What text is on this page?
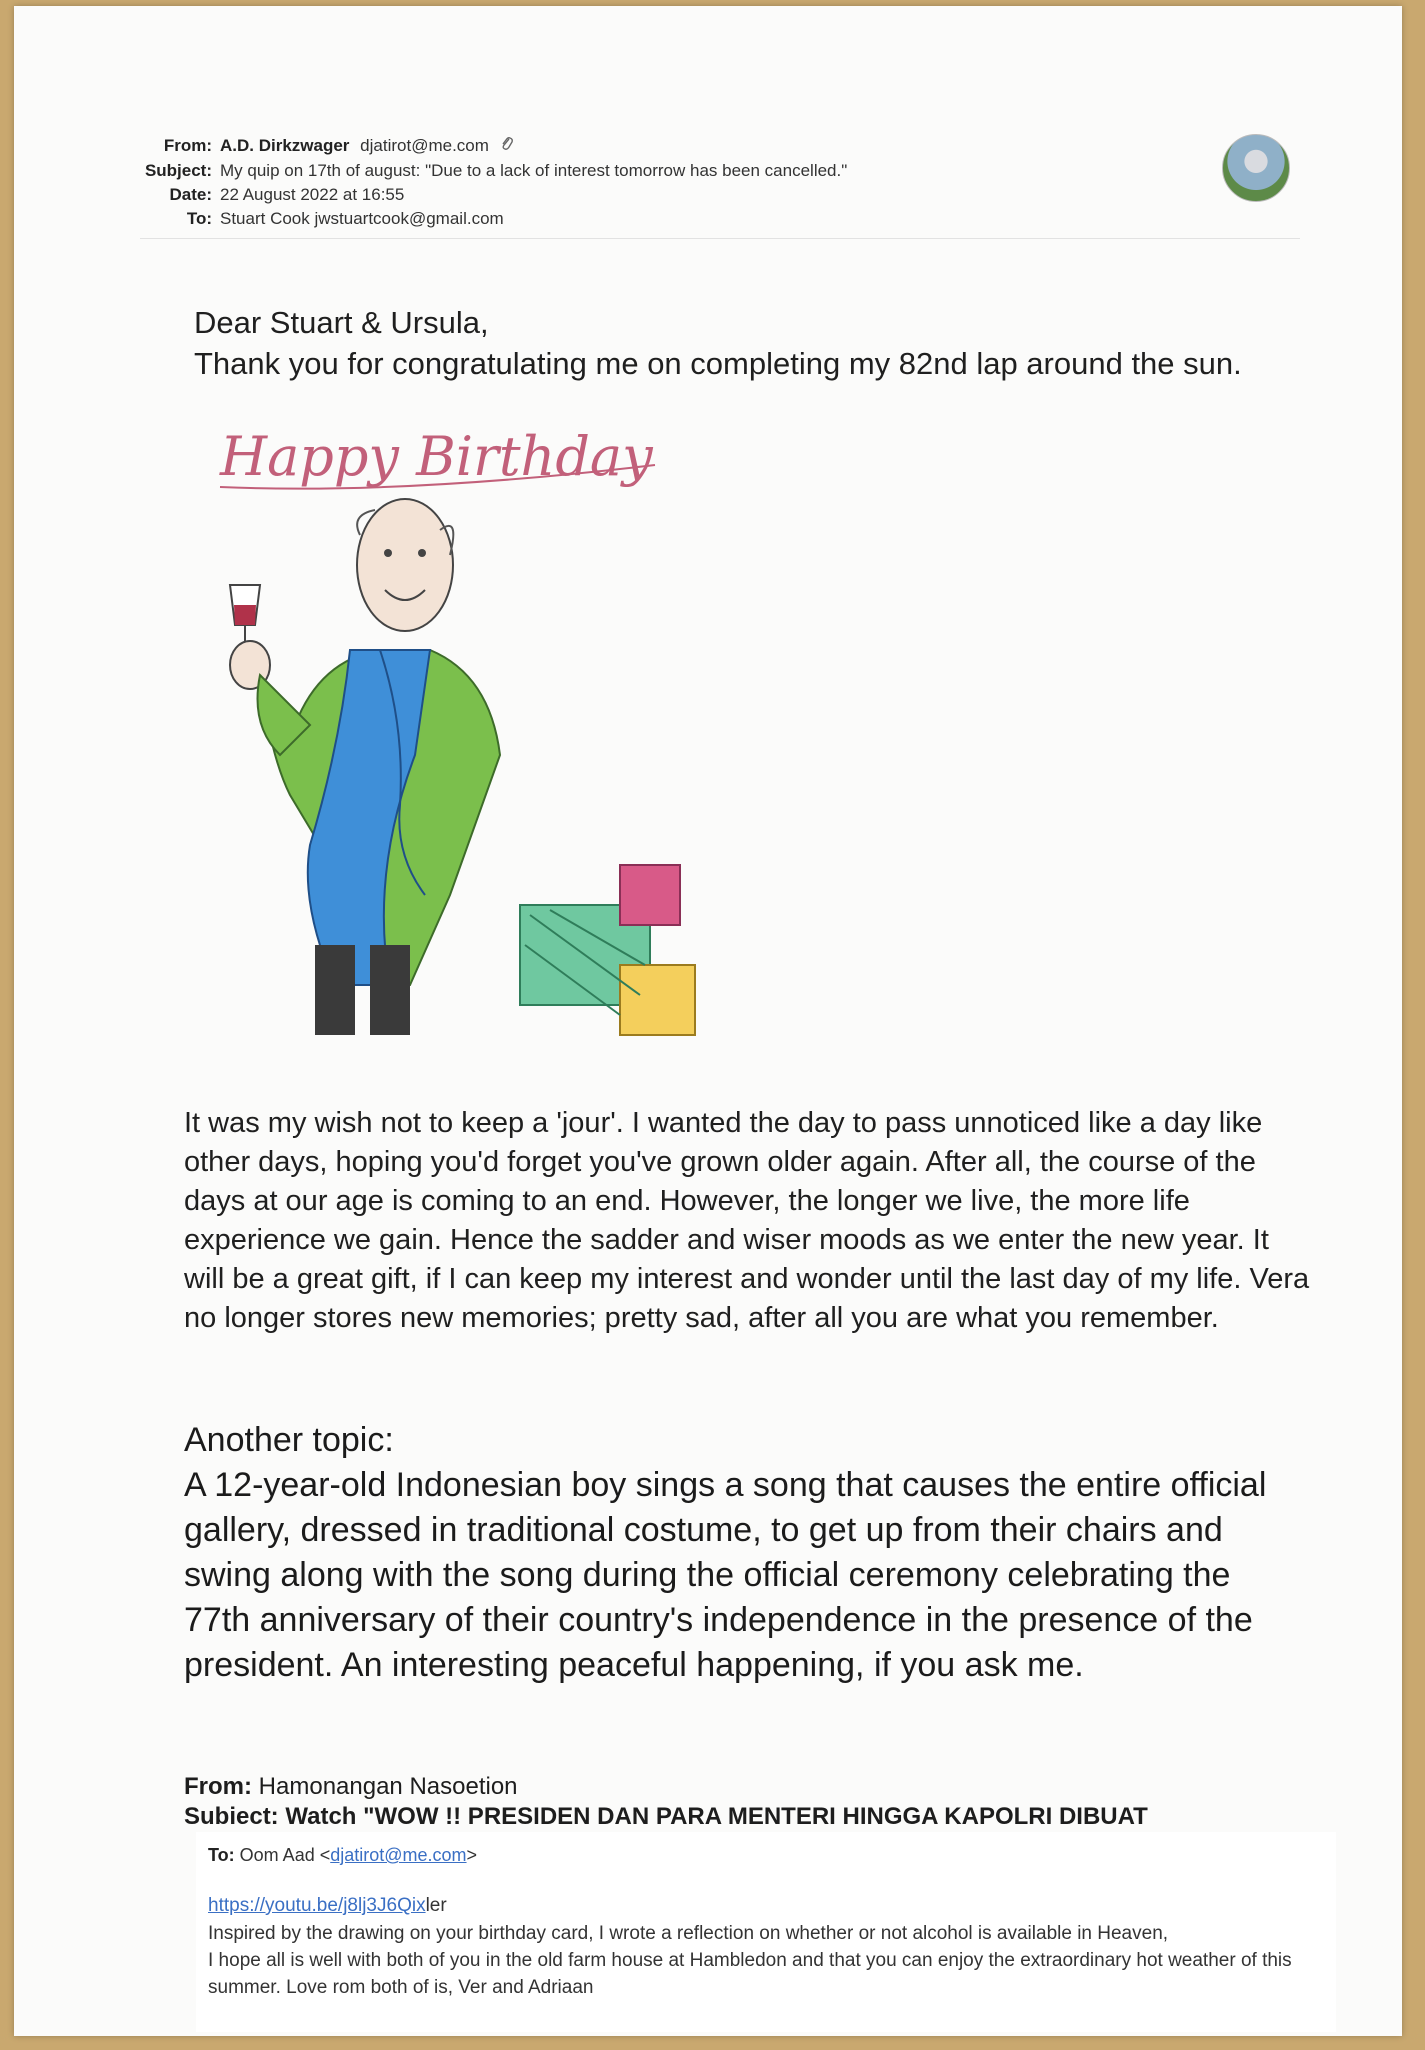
From: A.D. Dirkzwager djatirot@me.com
Subject: My quip on 17th of august: "Due to a lack of interest tomorrow has been cancelled."
Date: 22 August 2022 at 16:55
To: Stuart Cook jwstuartcook@gmail.com
Dear Stuart & Ursula,
Thank you for congratulating me on completing my 82nd lap around the sun.
Happy Birthday
It was my wish not to keep a 'jour'. I wanted the day to pass unnoticed like a day like other days, hoping you'd forget you've grown older again. After all, the course of the days at our age is coming to an end. However, the longer we live, the more life experience we gain. Hence the sadder and wiser moods as we enter the new year. It will be a great gift, if I can keep my interest and wonder until the last day of my life. Vera no longer stores new memories; pretty sad, after all you are what you remember.
Another topic:
A 12-year-old Indonesian boy sings a song that causes the entire official gallery, dressed in traditional costume, to get up from their chairs and swing along with the song during the official ceremony celebrating the 77th anniversary of their country's independence in the presence of the president. An interesting peaceful happening, if you ask me.
From: Hamonangan Nasoetion
Subiect: Watch "WOW !! PRESIDEN DAN PARA MENTERI HINGGA KAPOLRI DIBUAT
To: Oom Aad <djatirot@me.com>
https://youtu.be/j8lj3J6Qixler
Inspired by the drawing on your birthday card, I wrote a reflection on whether or not alcohol is available in Heaven,
I hope all is well with both of you in the old farm house at Hambledon and that you can enjoy the extraordinary hot weather of this summer. Love rom both of is, Ver and Adriaan
